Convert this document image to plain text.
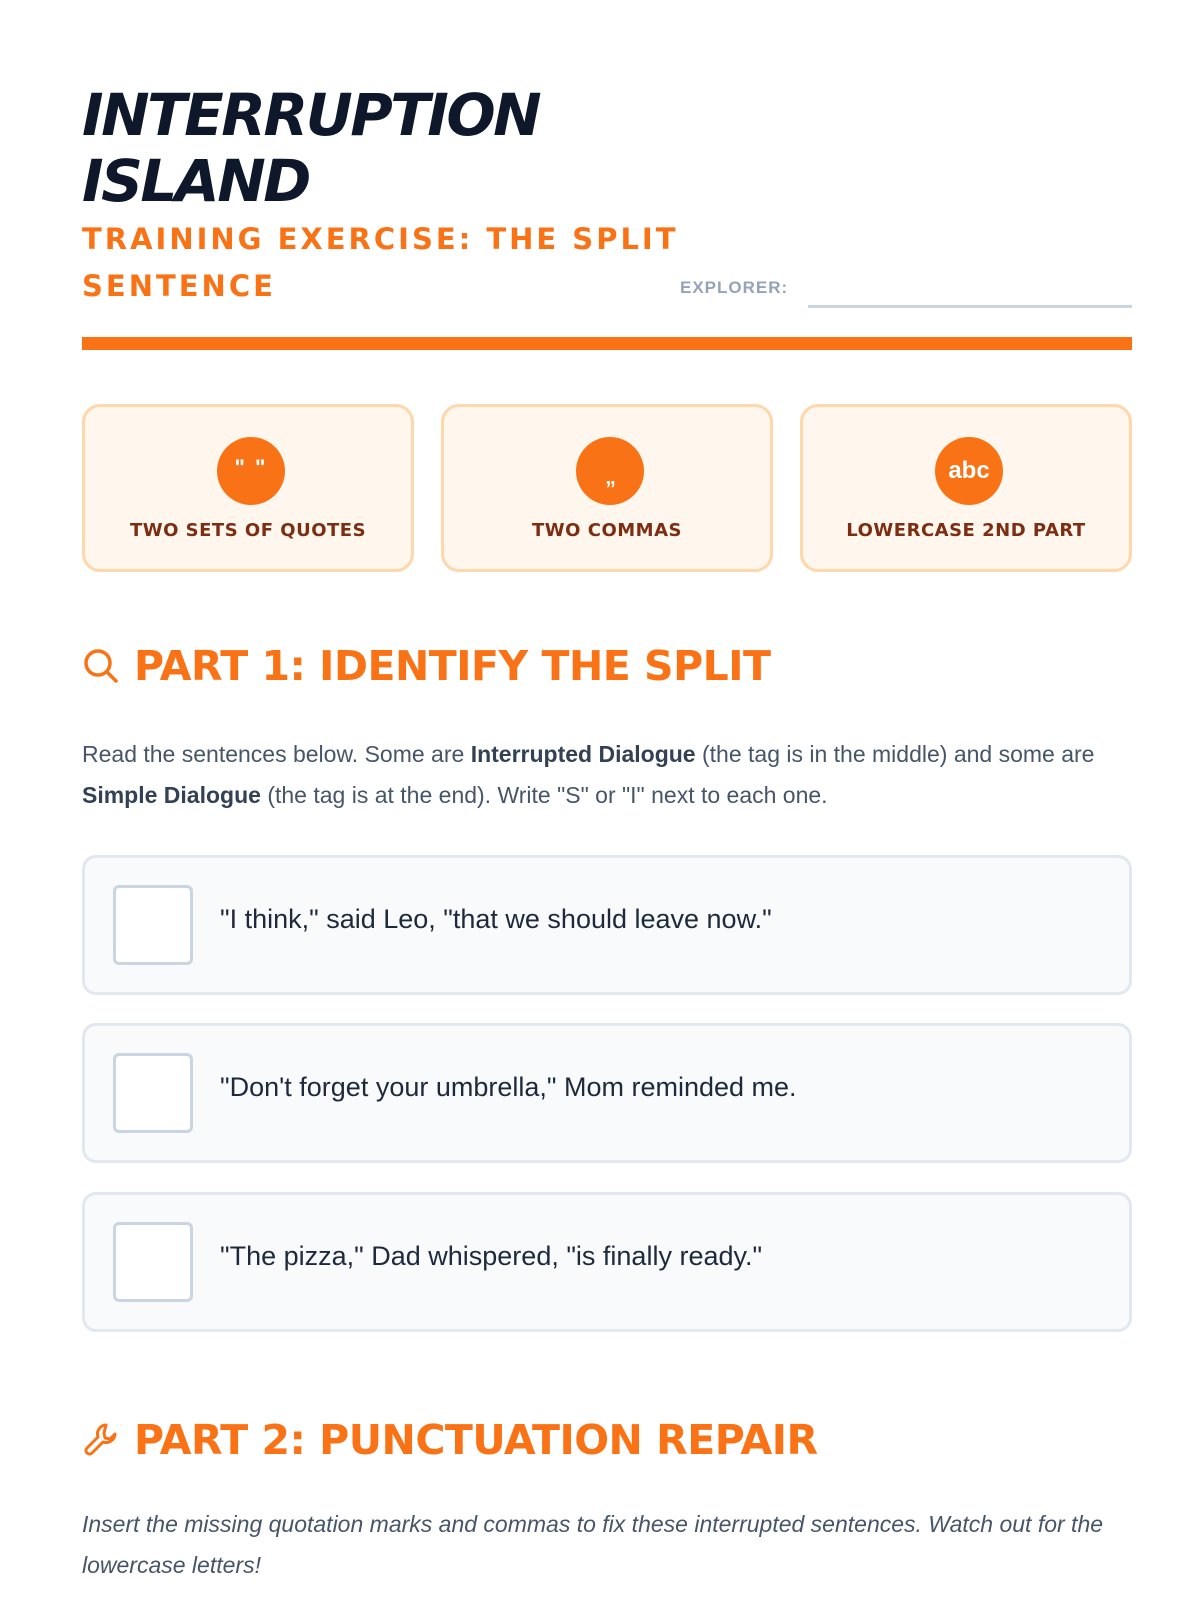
INTERRUPTION
ISLAND
TRAINING EXERCISE: THE SPLIT
SENTENCE	EXPLORER:
" "
TWO SETS OF QUOTES
,,
TWO COMMAS
abc
LOWERCASE 2ND PART
PART 1: IDENTIFY THE SPLIT

Read the sentences below. Some are Interrupted Dialogue (the tag is in the middle) and some are Simple Dialogue (the tag is at the end). Write "S" or "I" next to each one.

"I think," said Leo, "that we should leave now."
"Don't forget your umbrella," Mom reminded me.
"The pizza," Dad whispered, "is finally ready."
PART 2: PUNCTUATION REPAIR

Insert the missing quotation marks and commas to fix these interrupted sentences. Watch out for the lowercase letters!
